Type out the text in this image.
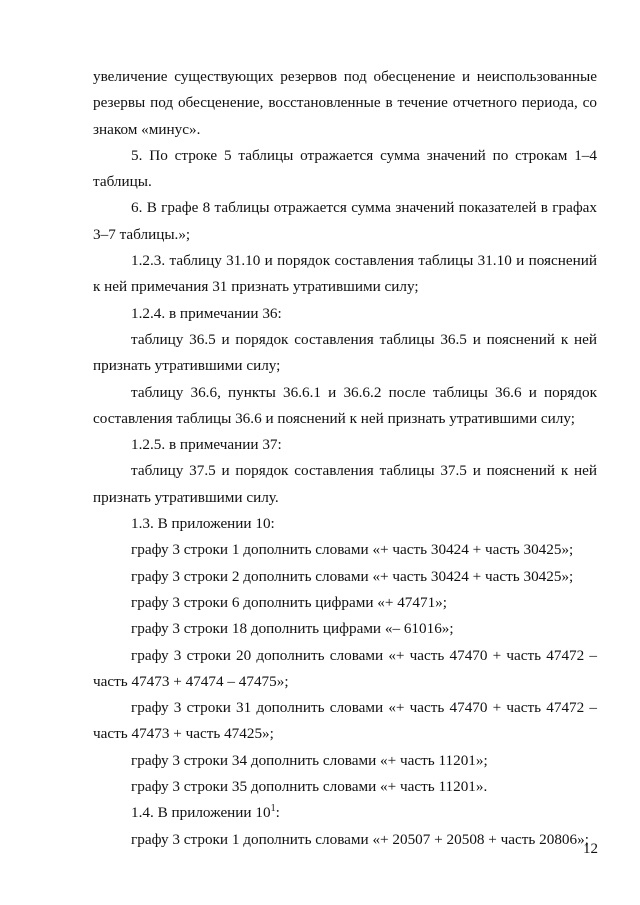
увеличение существующих резервов под обесценение и неиспользованные резервы под обесценение, восстановленные в течение отчетного периода, со знаком «минус».

5. По строке 5 таблицы отражается сумма значений по строкам 1–4 таблицы.

6. В графе 8 таблицы отражается сумма значений показателей в графах 3–7 таблицы.»;

1.2.3. таблицу 31.10 и порядок составления таблицы 31.10 и пояснений к ней примечания 31 признать утратившими силу;

1.2.4. в примечании 36:

таблицу 36.5 и порядок составления таблицы 36.5 и пояснений к ней признать утратившими силу;

таблицу 36.6, пункты 36.6.1 и 36.6.2 после таблицы 36.6 и порядок составления таблицы 36.6 и пояснений к ней признать утратившими силу;

1.2.5. в примечании 37:

таблицу 37.5 и порядок составления таблицы 37.5 и пояснений к ней признать утратившими силу.

1.3. В приложении 10:

графу 3 строки 1 дополнить словами «+ часть 30424 + часть 30425»;

графу 3 строки 2 дополнить словами «+ часть 30424 + часть 30425»;

графу 3 строки 6 дополнить цифрами «+ 47471»;

графу 3 строки 18 дополнить цифрами «– 61016»;

графу 3 строки 20 дополнить словами «+ часть 47470 + часть 47472 – часть 47473 + 47474 – 47475»;

графу 3 строки 31 дополнить словами «+ часть 47470 + часть 47472 – часть 47473 + часть 47425»;

графу 3 строки 34 дополнить словами «+ часть 11201»;

графу 3 строки 35 дополнить словами «+ часть 11201».

1.4. В приложении $10^1$:

графу 3 строки 1 дополнить словами «+ 20507 + 20508 + часть 20806»;

12
